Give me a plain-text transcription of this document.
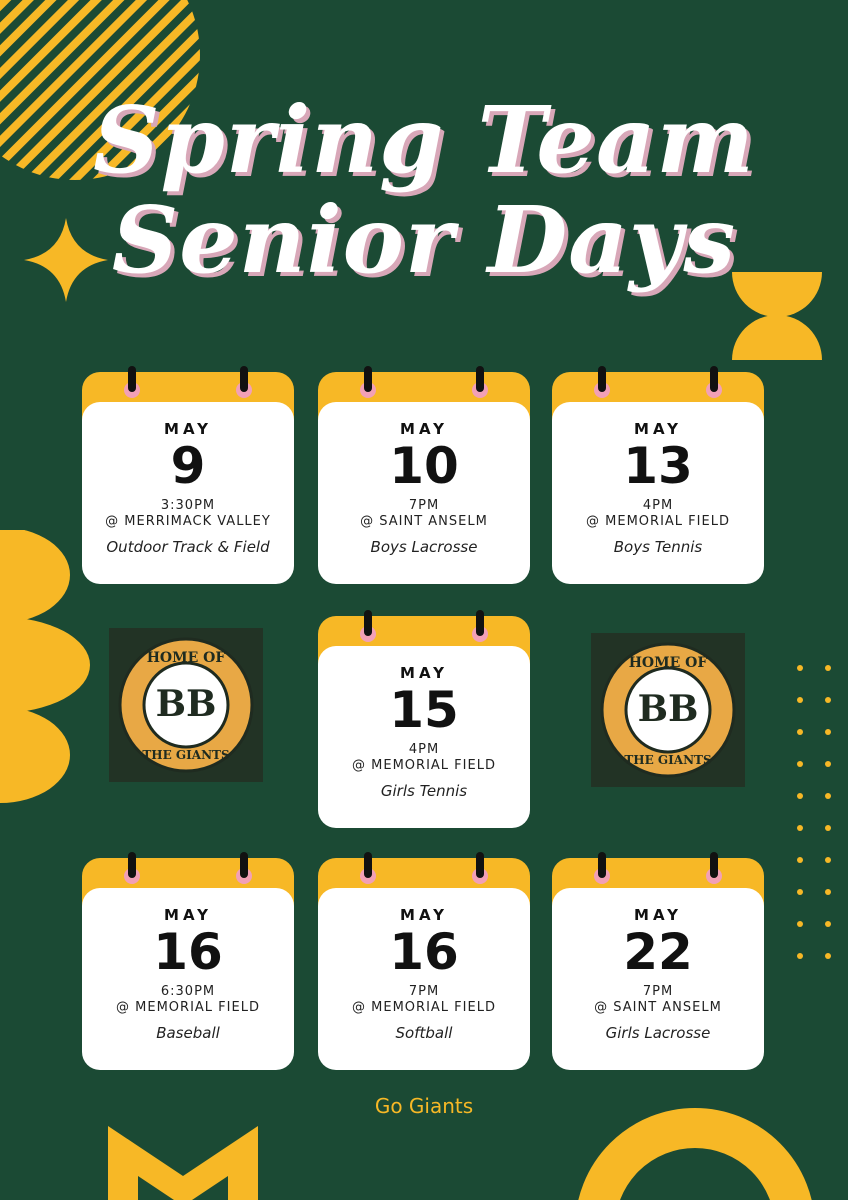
Spring Team
Senior Days
MAY
9
3:30PM
@ MERRIMACK VALLEY
Outdoor Track & Field
MAY
10
7PM
@ SAINT ANSELM
Boys Lacrosse
MAY
13
4PM
@ MEMORIAL FIELD
Boys Tennis
MAY
15
4PM
@ MEMORIAL FIELD
Girls Tennis
MAY
16
6:30PM
@ MEMORIAL FIELD
Baseball
MAY
16
7PM
@ MEMORIAL FIELD
Softball
MAY
22
7PM
@ SAINT ANSELM
Girls Lacrosse
BB
HOME OF
THE GIANTS
BB
HOME OF
THE GIANTS
Go Giants
